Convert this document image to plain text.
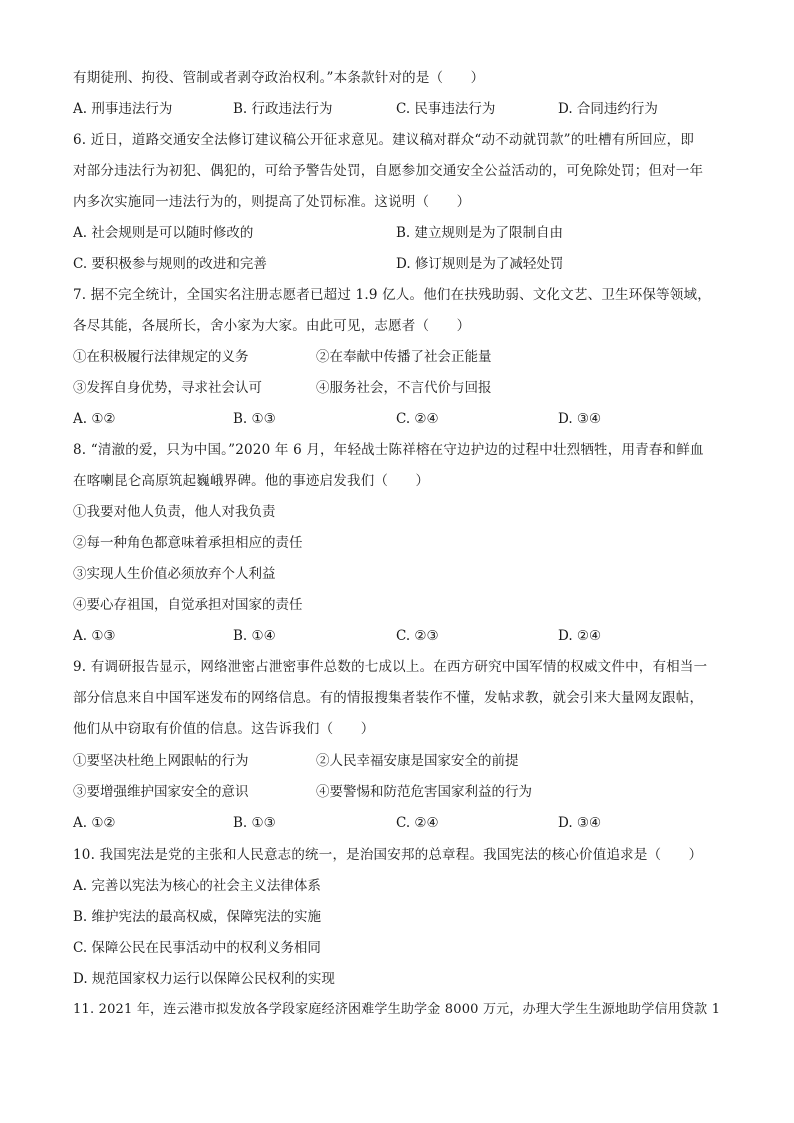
有期徒刑、拘役、管制或者剥夺政治权利。”本条款针对的是（　　）
A. 刑事违法行为	B. 行政违法行为	C. 民事违法行为	D. 合同违约行为
6. 近日，道路交通安全法修订建议稿公开征求意见。建议稿对群众“动不动就罚款”的吐槽有所回应，即
对部分违法行为初犯、偶犯的，可给予警告处罚，自愿参加交通安全公益活动的，可免除处罚；但对一年
内多次实施同一违法行为的，则提高了处罚标准。这说明（　　）
A. 社会规则是可以随时修改的	B. 建立规则是为了限制自由
C. 要积极参与规则的改进和完善	D. 修订规则是为了减轻处罚
7. 据不完全统计，全国实名注册志愿者已超过 1.9 亿人。他们在扶残助弱、文化文艺、卫生环保等领域，
各尽其能，各展所长，舍小家为大家。由此可见，志愿者（　　）
①在积极履行法律规定的义务	②在奉献中传播了社会正能量
③发挥自身优势，寻求社会认可	④服务社会，不言代价与回报
A. ①②	B. ①③	C. ②④	D. ③④
8. “清澈的爱，只为中国。”2020 年 6 月，年轻战士陈祥榕在守边护边的过程中壮烈牺牲，用青春和鲜血
在喀喇昆仑高原筑起巍峨界碑。他的事迹启发我们（　　）
①我要对他人负责，他人对我负责
②每一种角色都意味着承担相应的责任
③实现人生价值必须放弃个人利益
④要心存祖国，自觉承担对国家的责任
A. ①③	B. ①④	C. ②③	D. ②④
9. 有调研报告显示，网络泄密占泄密事件总数的七成以上。在西方研究中国军情的权威文件中，有相当一
部分信息来自中国军迷发布的网络信息。有的情报搜集者装作不懂，发帖求教，就会引来大量网友跟帖，
他们从中窃取有价值的信息。这告诉我们（　　）
①要坚决杜绝上网跟帖的行为	②人民幸福安康是国家安全的前提
③要增强维护国家安全的意识	④要警惕和防范危害国家利益的行为
A. ①②	B. ①③	C. ②④	D. ③④
10. 我国宪法是党的主张和人民意志的统一，是治国安邦的总章程。我国宪法的核心价值追求是（　　）
A. 完善以宪法为核心的社会主义法律体系
B. 维护宪法的最高权威，保障宪法的实施
C. 保障公民在民事活动中的权利义务相同
D. 规范国家权力运行以保障公民权利的实现
11. 2021 年，连云港市拟发放各学段家庭经济困难学生助学金 8000 万元，办理大学生生源地助学信用贷款 1
